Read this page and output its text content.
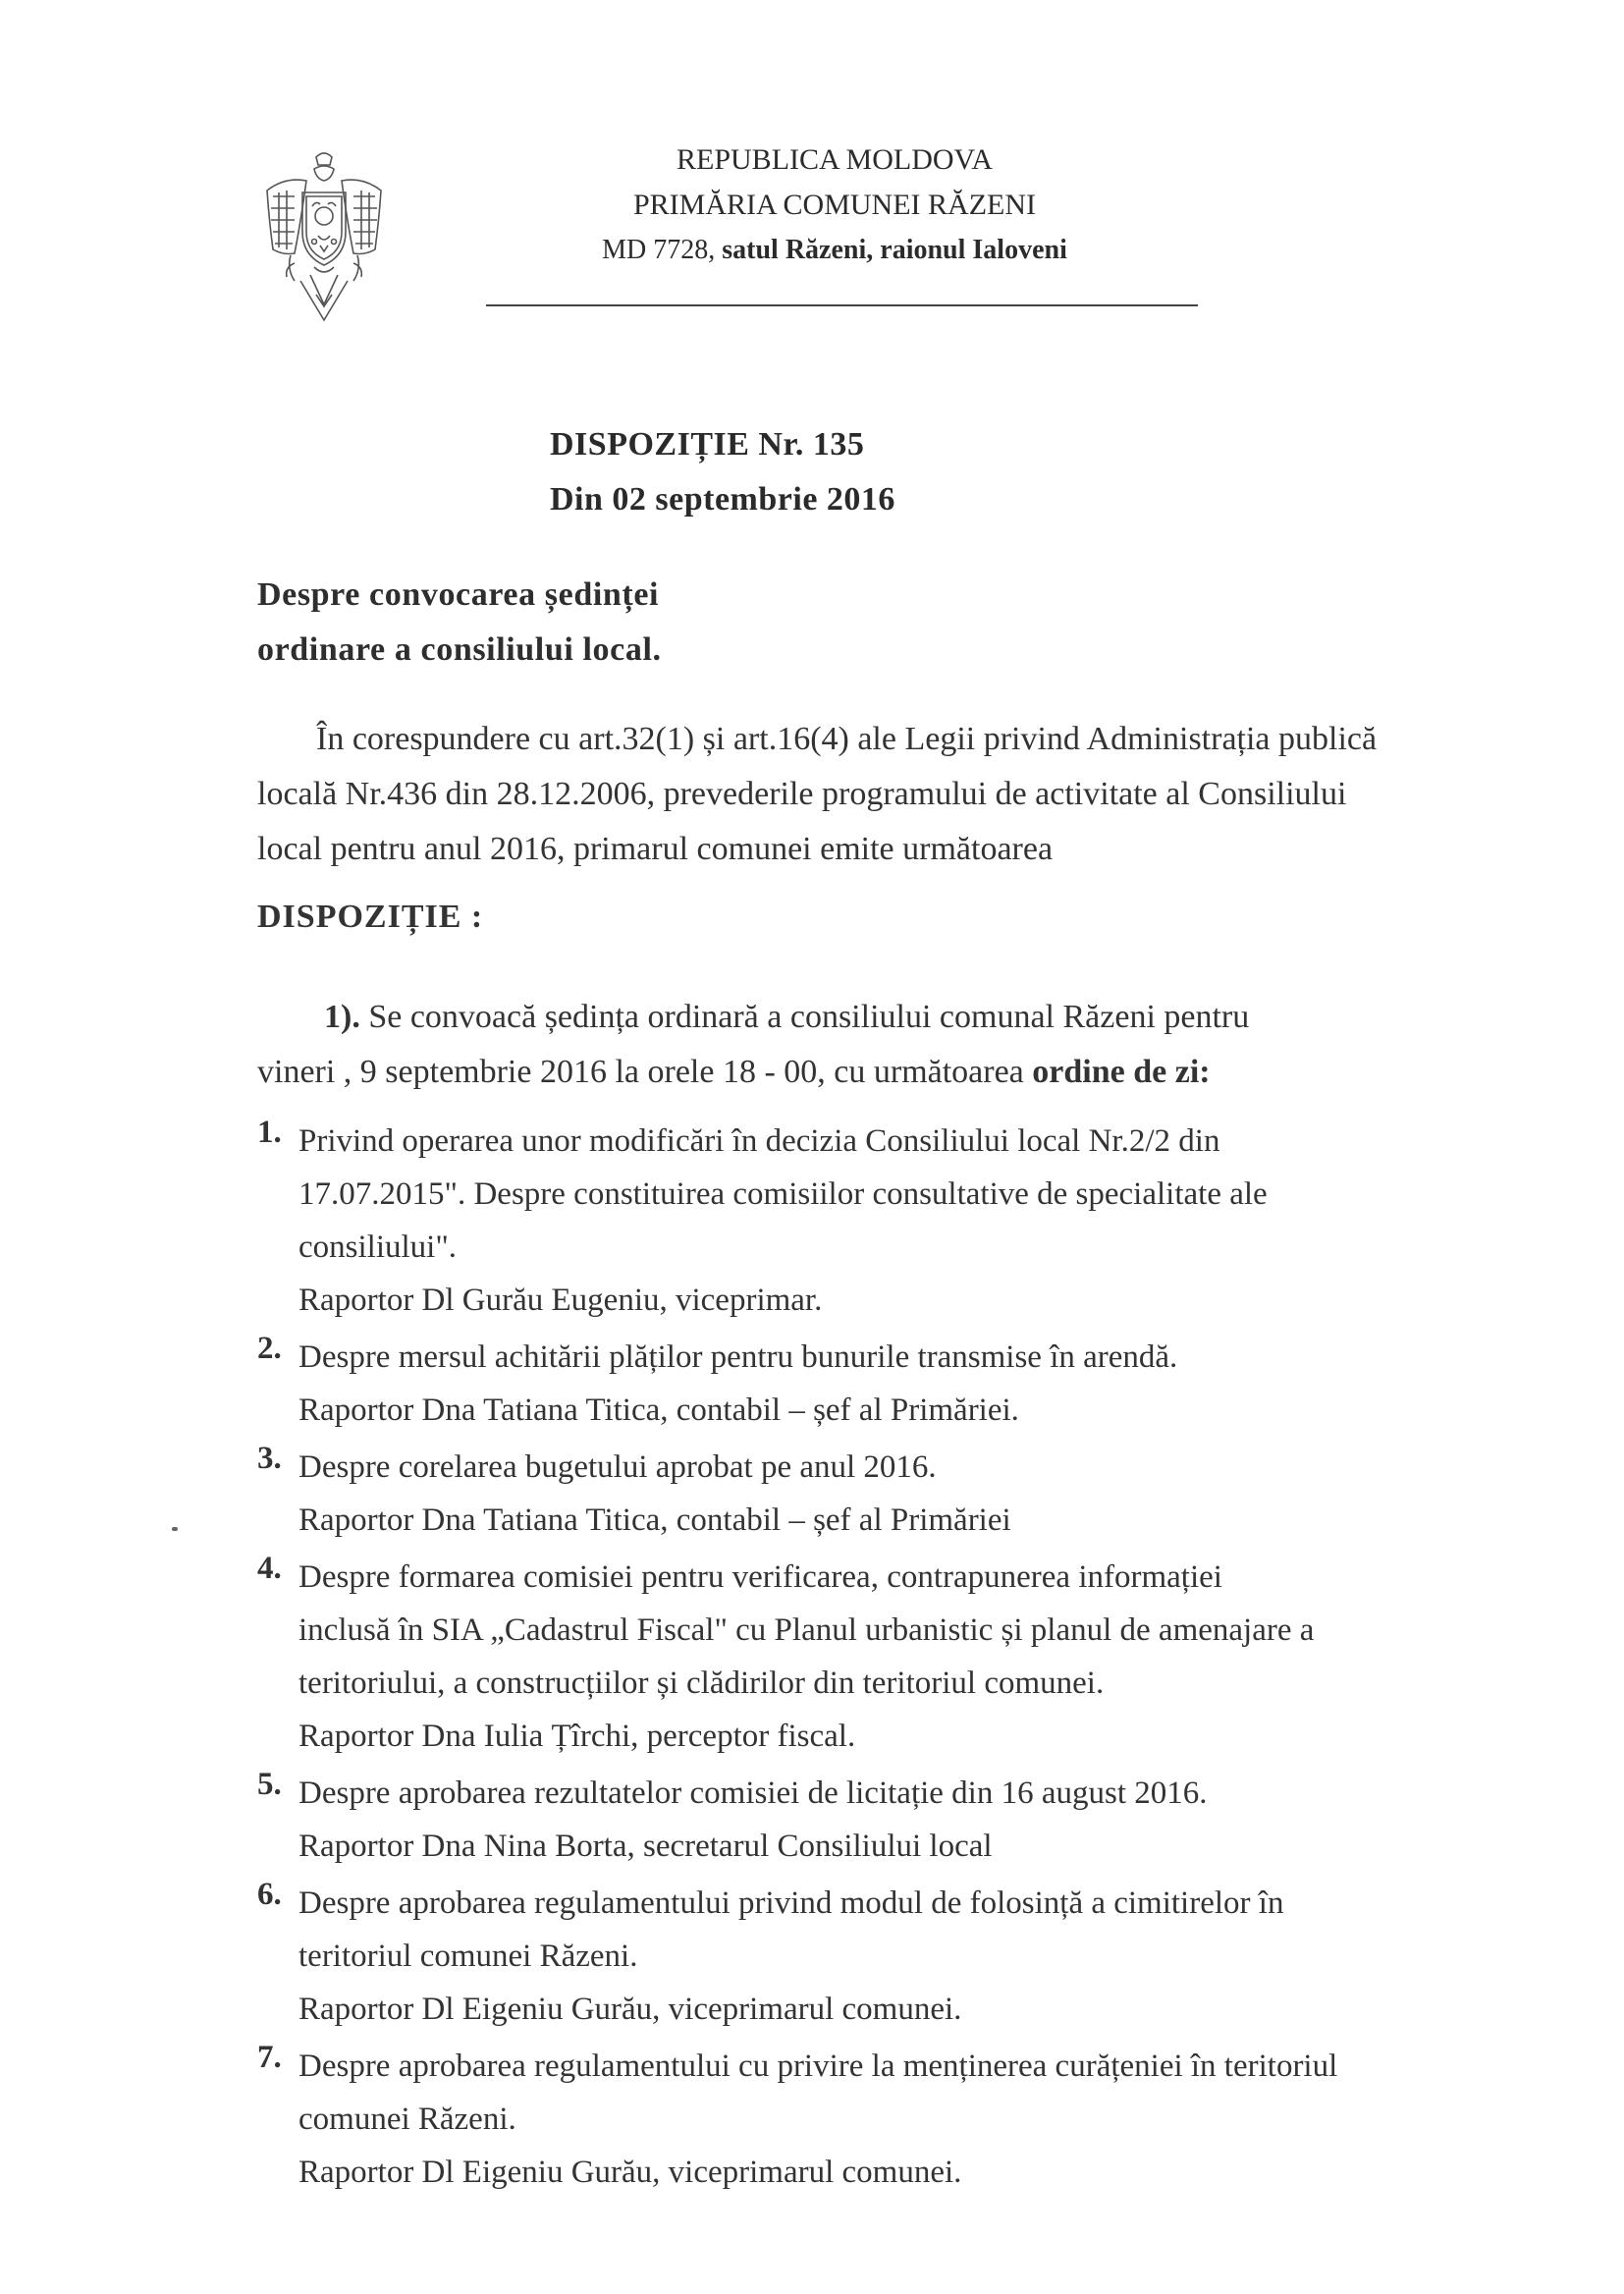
REPUBLICA MOLDOVA
PRIMĂRIA COMUNEI RĂZENI
MD 7728, satul Răzeni, raionul Ialoveni
DISPOZIȚIE Nr. 135
Din 02 septembrie 2016
Despre convocarea ședinței
ordinare a consiliului local.

În corespundere cu art.32(1) și art.16(4) ale Legii privind Administrația publică

locală Nr.436 din 28.12.2006, prevederile programului de activitate al Consiliului

local pentru anul 2016, primarul comunei emite următoarea

DISPOZIȚIE :
1). Se convoacă ședința ordinară a consiliului comunal Răzeni pentru
vineri , 9 septembrie 2016 la orele 18 - 00, cu următoarea ordine de zi:
1. Privind operarea unor modificări în decizia Consiliului local Nr.2/2 din
17.07.2015". Despre constituirea comisiilor consultative de specialitate ale
consiliului".
Raportor Dl Gurău Eugeniu, viceprimar.
2. Despre mersul achitării plăților pentru bunurile transmise în arendă.
Raportor Dna Tatiana Titica, contabil – șef al Primăriei.
3. Despre corelarea bugetului aprobat pe anul 2016.
Raportor Dna Tatiana Titica, contabil – șef al Primăriei
4. Despre formarea comisiei pentru verificarea, contrapunerea informației
inclusă în SIA „Cadastrul Fiscal" cu Planul urbanistic și planul de amenajare a
teritoriului, a construcțiilor și clădirilor din teritoriul comunei.
Raportor Dna Iulia Țîrchi, perceptor fiscal.
5. Despre aprobarea rezultatelor comisiei de licitație din 16 august 2016.
Raportor Dna Nina Borta, secretarul Consiliului local
6. Despre aprobarea regulamentului privind modul de folosință a cimitirelor în
teritoriul comunei Răzeni.
Raportor Dl Eigeniu Gurău, viceprimarul comunei.
7. Despre aprobarea regulamentului cu privire la menținerea curățeniei în teritoriul
comunei Răzeni.
Raportor Dl Eigeniu Gurău, viceprimarul comunei.
